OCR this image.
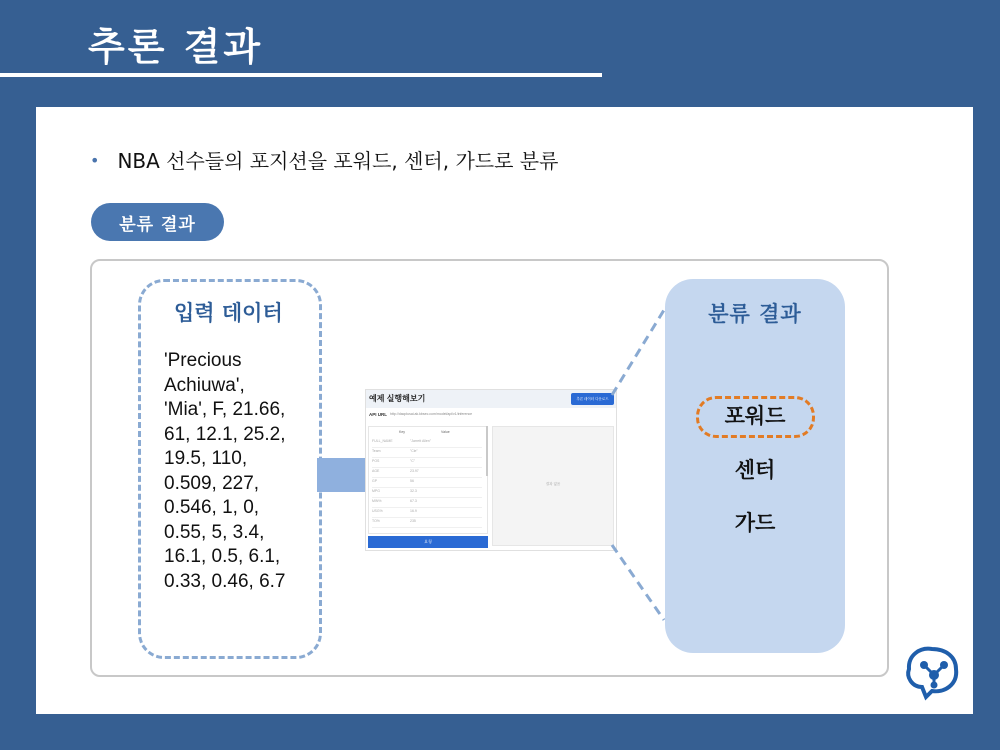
추론 결과
• NBA 선수들의 포지션을 포워드, 센터, 가드로 분류
분류 결과
입력 데이터
'Precious
Achiuwa',
'Mia', F, 21.66,
61, 12.1, 25.2,
19.5, 110,
0.509, 227,
0.546, 1, 0,
0.55, 5, 3.4,
16.1, 0.5, 6.1,
0.33, 0.46, 6.7
예제 실행해보기	추론 데이터 다운로드
API URL http://dacplusai.ak.kbsec.com/model/api/v1/inference
Key	Value
FULL_NAME	"Jarrett Allen"
Team	"Cle"
POS	"C"
AGE	23.97
GP	56
MPG	32.3
MIN%	67.3
USG%	16.9
TO%	235
결과 없음
요청
분류 결과
포워드
센터
가드
